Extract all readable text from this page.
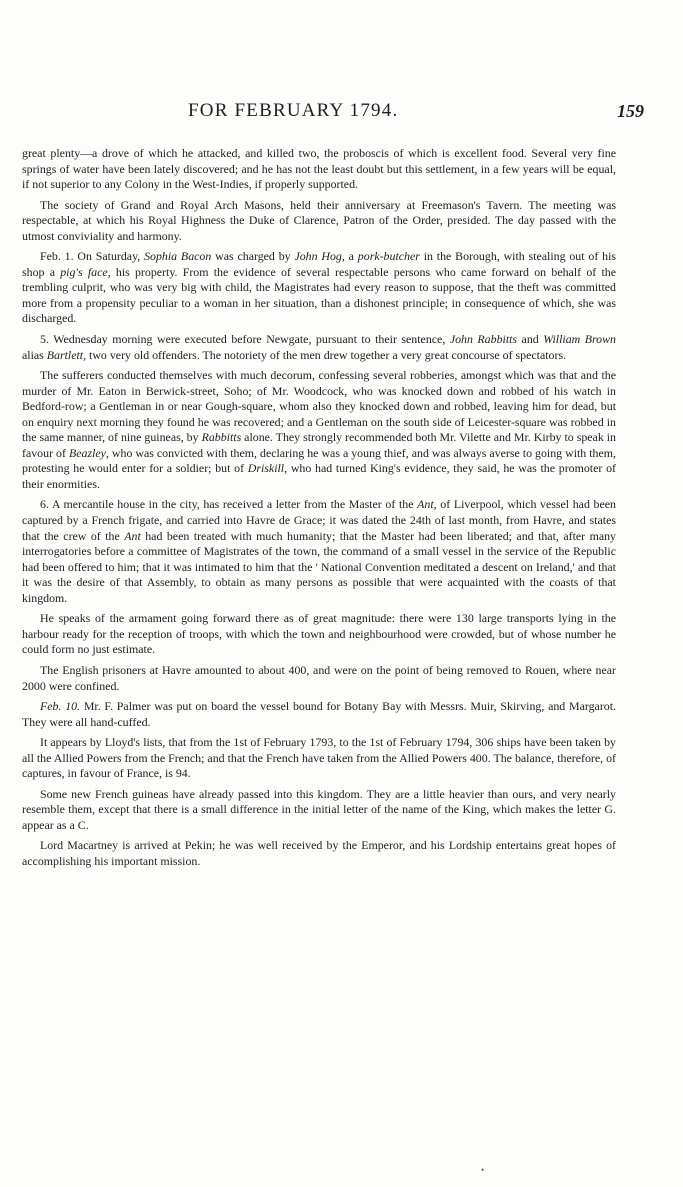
FOR FEBRUARY 1794.	159

great plenty—a drove of which he attacked, and killed two, the proboscis of which is excellent food. Several very fine springs of water have been lately discovered; and he has not the least doubt but this settlement, in a few years will be equal, if not superior to any Colony in the West-Indies, if properly supported.

The society of Grand and Royal Arch Masons, held their anniversary at Freemason's Tavern. The meeting was respectable, at which his Royal Highness the Duke of Clarence, Patron of the Order, presided. The day passed with the utmost conviviality and harmony.

Feb. 1. On Saturday, Sophia Bacon was charged by John Hog, a pork-butcher in the Borough, with stealing out of his shop a pig's face, his property. From the evidence of several respectable persons who came forward on behalf of the trembling culprit, who was very big with child, the Magistrates had every reason to suppose, that the theft was committed more from a propensity peculiar to a woman in her situation, than a dishonest principle; in consequence of which, she was discharged.

5. Wednesday morning were executed before Newgate, pursuant to their sentence, John Rabbitts and William Brown alias Bartlett, two very old offenders. The notoriety of the men drew together a very great concourse of spectators.

The sufferers conducted themselves with much decorum, confessing several robberies, amongst which was that and the murder of Mr. Eaton in Berwick-street, Soho; of Mr. Woodcock, who was knocked down and robbed of his watch in Bedford-row; a Gentleman in or near Gough-square, whom also they knocked down and robbed, leaving him for dead, but on enquiry next morning they found he was recovered; and a Gentleman on the south side of Leicester-square was robbed in the same manner, of nine guineas, by Rabbitts alone. They strongly recommended both Mr. Vilette and Mr. Kirby to speak in favour of Beazley, who was convicted with them, declaring he was a young thief, and was always averse to going with them, protesting he would enter for a soldier; but of Driskill, who had turned King's evidence, they said, he was the promoter of their enormities.

6. A mercantile house in the city, has received a letter from the Master of the Ant, of Liverpool, which vessel had been captured by a French frigate, and carried into Havre de Grace; it was dated the 24th of last month, from Havre, and states that the crew of the Ant had been treated with much humanity; that the Master had been liberated; and that, after many interrogatories before a committee of Magistrates of the town, the command of a small vessel in the service of the Republic had been offered to him; that it was intimated to him that the ' National Convention meditated a descent on Ireland,' and that it was the desire of that Assembly, to obtain as many persons as possible that were acquainted with the coasts of that kingdom.

He speaks of the armament going forward there as of great magnitude: there were 130 large transports lying in the harbour ready for the reception of troops, with which the town and neighbourhood were crowded, but of whose number he could form no just estimate.

The English prisoners at Havre amounted to about 400, and were on the point of being removed to Rouen, where near 2000 were confined.

Feb. 10. Mr. F. Palmer was put on board the vessel bound for Botany Bay with Messrs. Muir, Skirving, and Margarot. They were all hand-cuffed.

It appears by Lloyd's lists, that from the 1st of February 1793, to the 1st of February 1794, 306 ships have been taken by all the Allied Powers from the French; and that the French have taken from the Allied Powers 400. The balance, therefore, of captures, in favour of France, is 94.

Some new French guineas have already passed into this kingdom. They are a little heavier than ours, and very nearly resemble them, except that there is a small difference in the initial letter of the name of the King, which makes the letter G. appear as a C.

Lord Macartney is arrived at Pekin; he was well received by the Emperor, and his Lordship entertains great hopes of accomplishing his important mission.

•
